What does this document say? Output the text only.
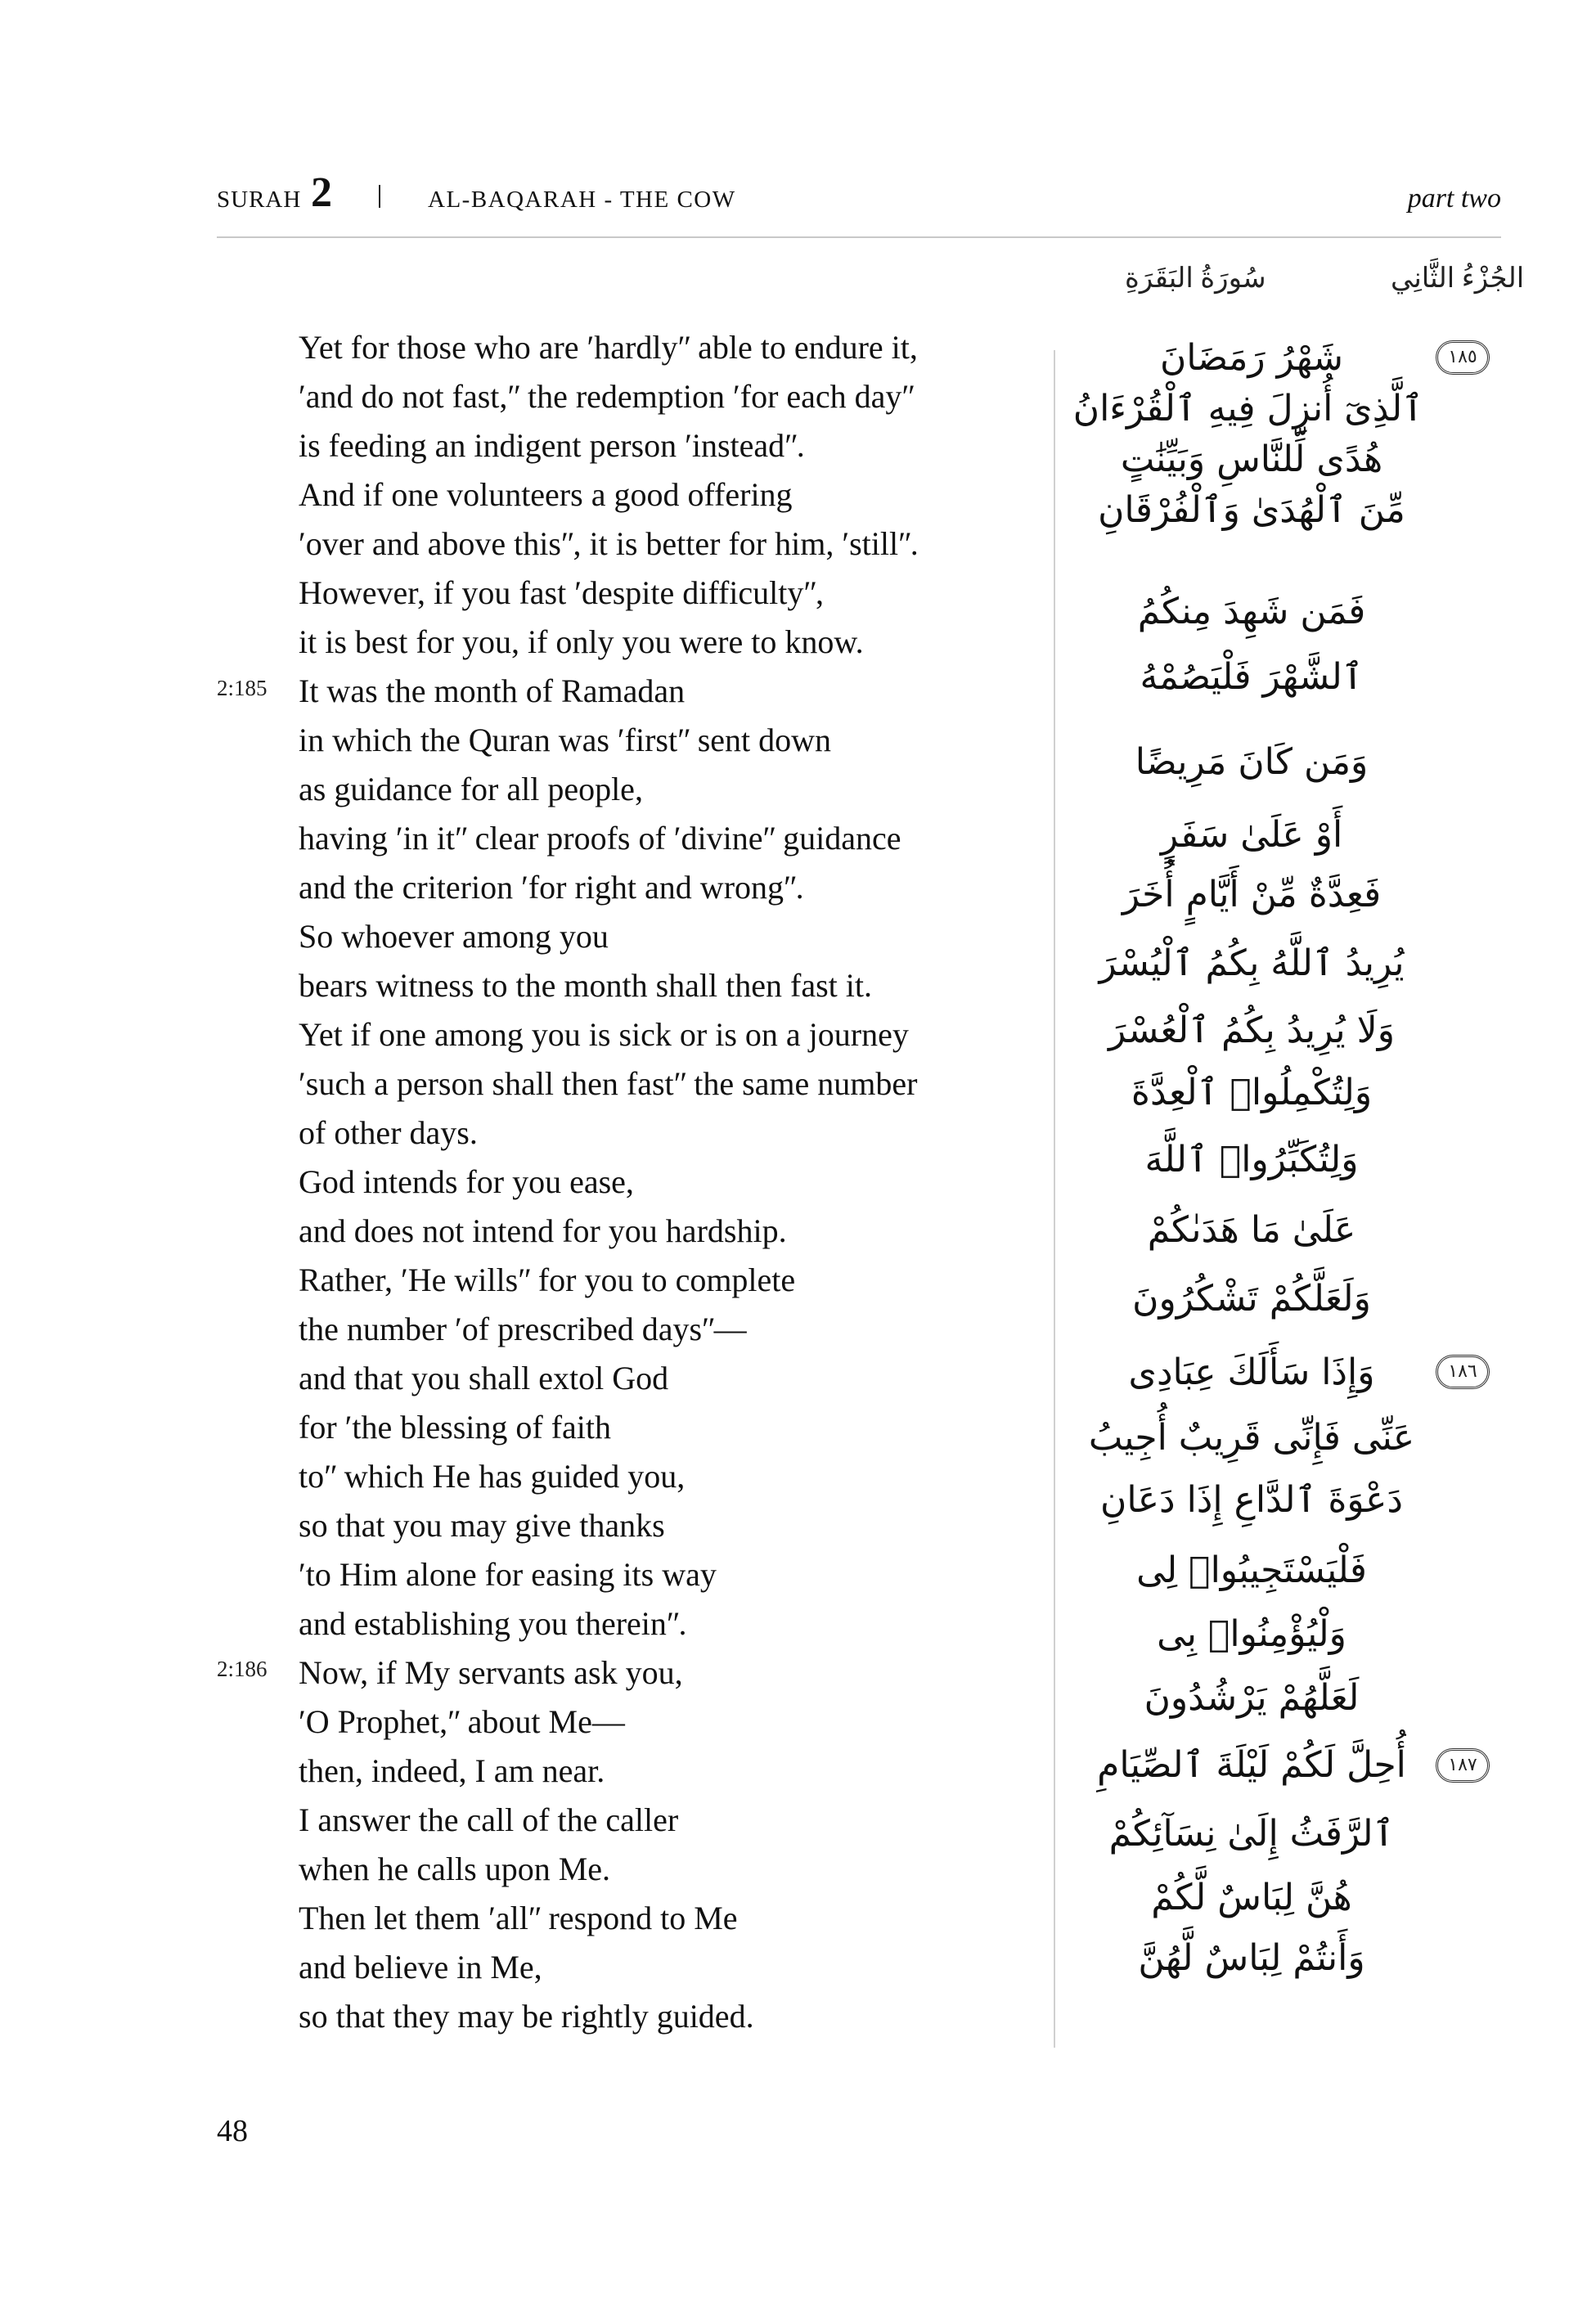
SURAH 2	AL-BAQARAH - THE COW	part two
الجُزْءُ الثَّانِي
سُورَةُ البَقَرَةِ
2:185
2:186
Yet for those who are ʹhardlyʺ able to endure it,
ʹand do not fast,ʺ the redemption ʹfor each dayʺ
is feeding an indigent person ʹinsteadʺ.
And if one volunteers a good offering
ʹover and above thisʺ, it is better for him, ʹstillʺ.
However, if you fast ʹdespite difficultyʺ,
it is best for you, if only you were to know.
It was the month of Ramadan
in which the Quran was ʹfirstʺ sent down
as guidance for all people,
having ʹin itʺ clear proofs of ʹdivineʺ guidance
and the criterion ʹfor right and wrongʺ.
So whoever among you
bears witness to the month shall then fast it.
Yet if one among you is sick or is on a journey
ʹsuch a person shall then fastʺ the same number
of other days.
God intends for you ease,
and does not intend for you hardship.
Rather, ʹHe willsʺ for you to complete
the number ʹof prescribed daysʺ—
and that you shall extol God
for ʹthe blessing of faith
toʺ which He has guided you,
so that you may give thanks
ʹto Him alone for easing its way
and establishing you thereinʺ.
Now, if My servants ask you,
ʹO Prophet,ʺ about Me—
then, indeed, I am near.
I answer the call of the caller
when he calls upon Me.
Then let them ʹallʺ respond to Me
and believe in Me,
so that they may be rightly guided.
١٨٥
١٨٦
١٨٧
شَهْرُ رَمَضَانَ
ٱلَّذِىٓ أُنزِلَ فِيهِ ٱلْقُرْءَانُ
هُدًى لِّلنَّاسِ وَبَيِّنَٰتٍ
مِّنَ ٱلْهُدَىٰ وَٱلْفُرْقَانِ
فَمَن شَهِدَ مِنكُمُ
ٱلشَّهْرَ فَلْيَصُمْهُ
وَمَن كَانَ مَرِيضًا
أَوْ عَلَىٰ سَفَرٍ
فَعِدَّةٌ مِّنْ أَيَّامٍ أُخَرَ
يُرِيدُ ٱللَّهُ بِكُمُ ٱلْيُسْرَ
وَلَا يُرِيدُ بِكُمُ ٱلْعُسْرَ
وَلِتُكْمِلُوا۟ ٱلْعِدَّةَ
وَلِتُكَبِّرُوا۟ ٱللَّهَ
عَلَىٰ مَا هَدَىٰكُمْ
وَلَعَلَّكُمْ تَشْكُرُونَ
وَإِذَا سَأَلَكَ عِبَادِى
عَنِّى فَإِنِّى قَرِيبٌ أُجِيبُ
دَعْوَةَ ٱلدَّاعِ إِذَا دَعَانِ
فَلْيَسْتَجِيبُوا۟ لِى
وَلْيُؤْمِنُوا۟ بِى
لَعَلَّهُمْ يَرْشُدُونَ
أُحِلَّ لَكُمْ لَيْلَةَ ٱلصِّيَامِ
ٱلرَّفَثُ إِلَىٰ نِسَآئِكُمْ
هُنَّ لِبَاسٌ لَّكُمْ
وَأَنتُمْ لِبَاسٌ لَّهُنَّ
48
